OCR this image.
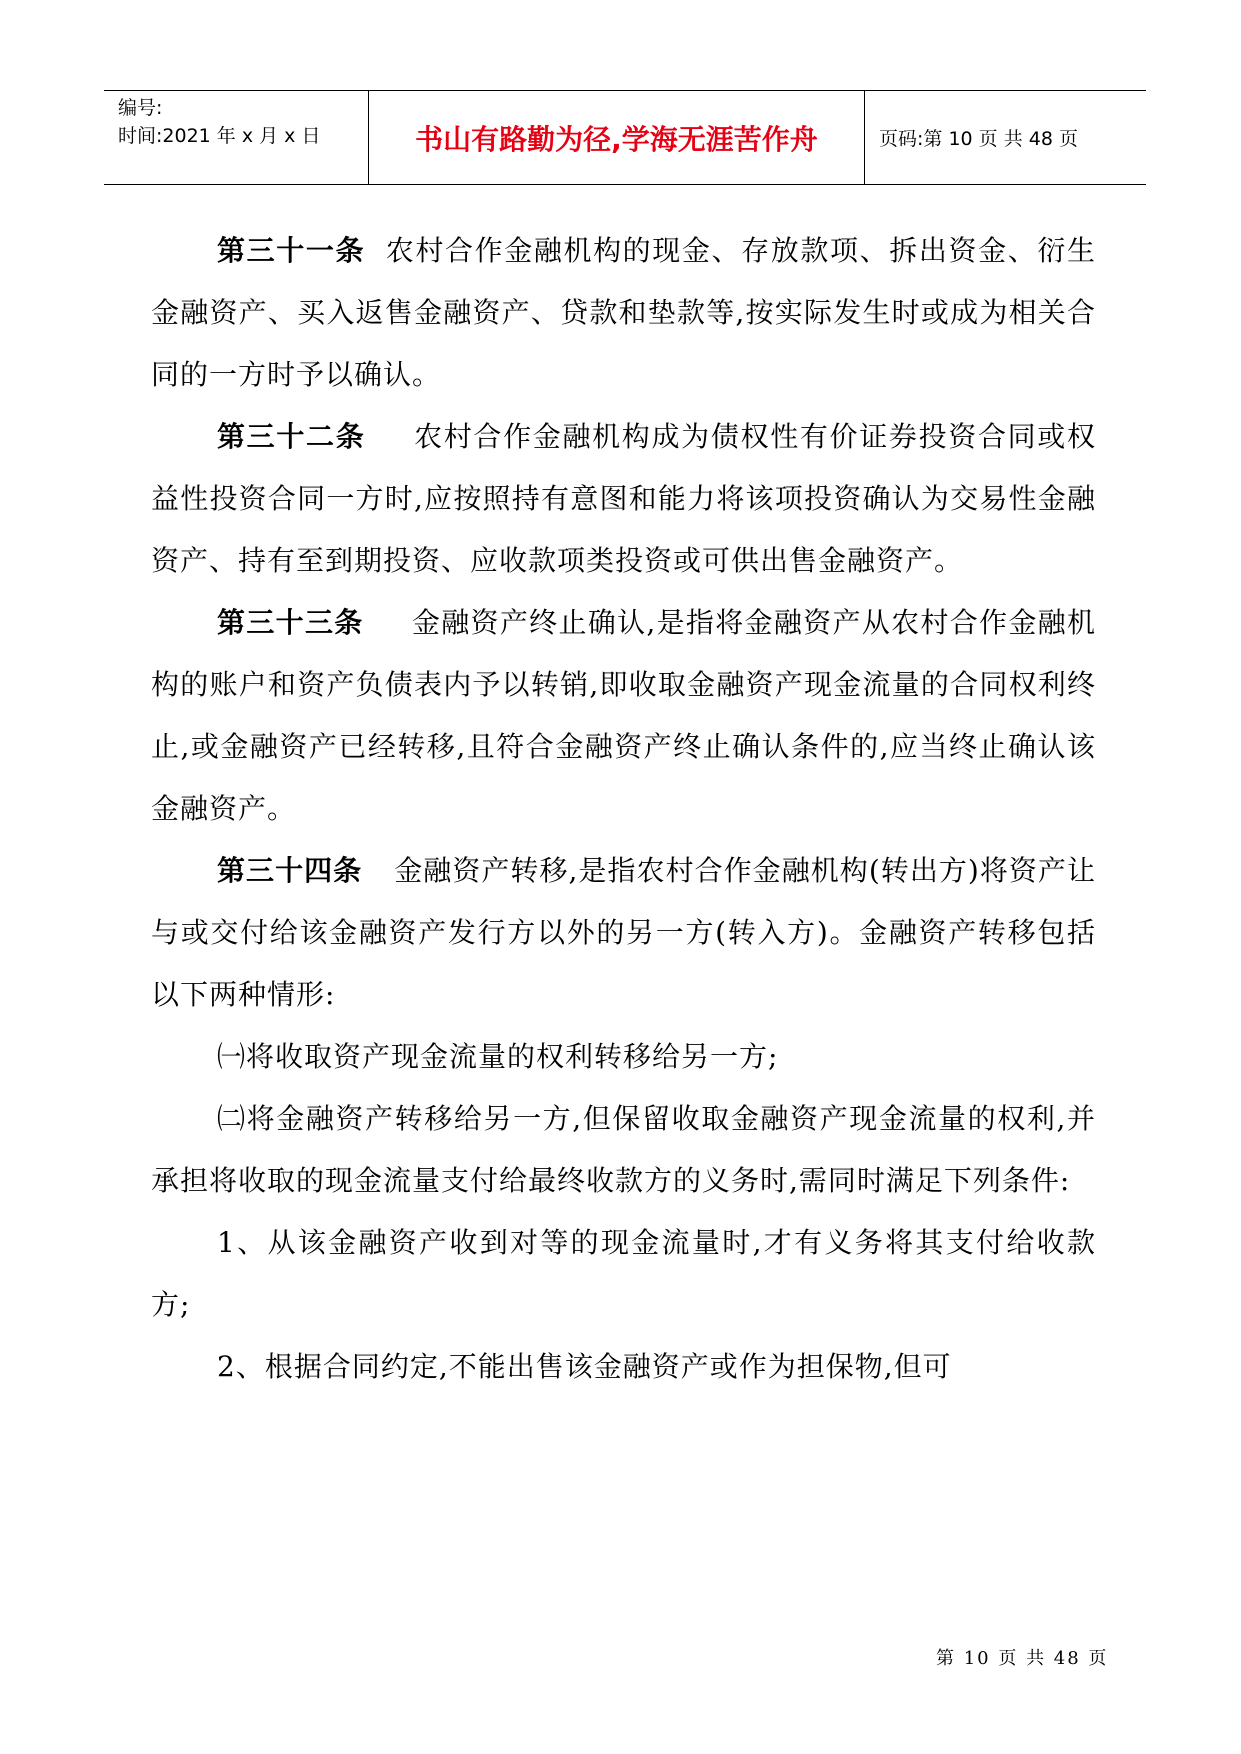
编号:
时间:2021 年 x 月 x 日	书山有路勤为径,学海无涯苦作舟	页码:第 10 页 共 48 页

第三十一条 农村合作金融机构的现金、存放款项、拆出资金、衍生金融资产、买入返售金融资产、贷款和垫款等,按实际发生时或成为相关合同的一方时予以确认。

第三十二条 农村合作金融机构成为债权性有价证券投资合同或权益性投资合同一方时,应按照持有意图和能力将该项投资确认为交易性金融资产、持有至到期投资、应收款项类投资或可供出售金融资产。

第三十三条 金融资产终止确认,是指将金融资产从农村合作金融机构的账户和资产负债表内予以转销,即收取金融资产现金流量的合同权利终止,或金融资产已经转移,且符合金融资产终止确认条件的,应当终止确认该金融资产。

第三十四条 金融资产转移,是指农村合作金融机构(转出方)将资产让与或交付给该金融资产发行方以外的另一方(转入方)。金融资产转移包括以下两种情形:

㈠将收取资产现金流量的权利转移给另一方;

㈡将金融资产转移给另一方,但保留收取金融资产现金流量的权利,并承担将收取的现金流量支付给最终收款方的义务时,需同时满足下列条件:

1、从该金融资产收到对等的现金流量时,才有义务将其支付给收款方;

2、根据合同约定,不能出售该金融资产或作为担保物,但可

第 10 页 共 48 页
